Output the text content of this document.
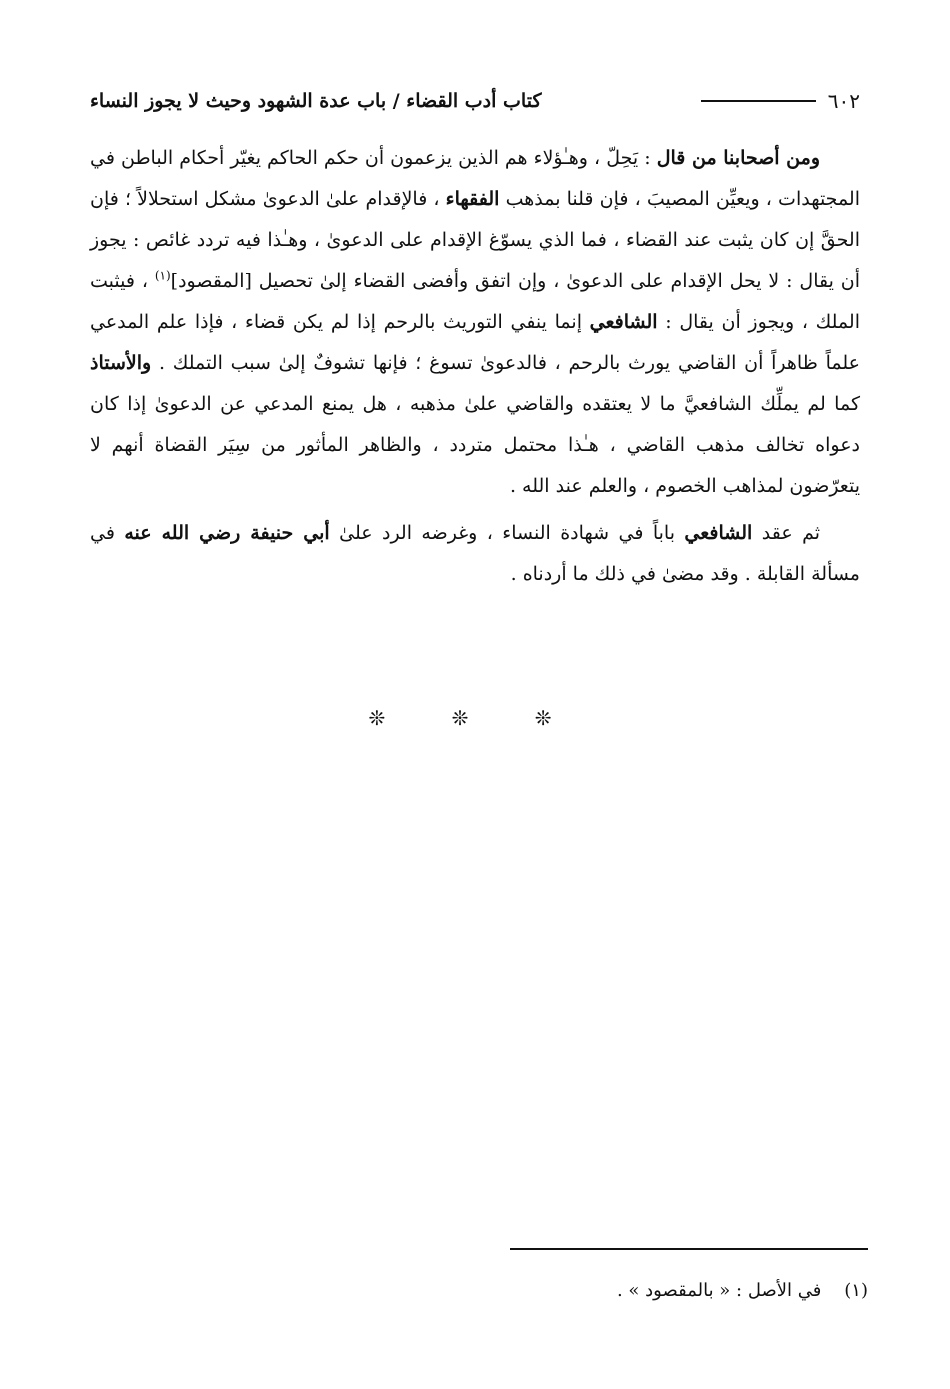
٦٠٢
كتاب أدب القضاء / باب عدة الشهود وحيث لا يجوز النساء

ومن أصحابنا من قال : يَحِلّ ، وهـٰؤلاء هم الذين يزعمون أن حكم الحاكم يغيّر أحكام الباطن في المجتهدات ، ويعيِّن المصيبَ ، فإن قلنا بمذهب الفقهاء ، فالإقدام علىٰ الدعوىٰ مشكل استحلالاً ؛ فإن الحقَّ إن كان يثبت عند القضاء ، فما الذي يسوّغ الإقدام على الدعوىٰ ، وهـٰذا فيه تردد غائص : يجوز أن يقال : لا يحل الإقدام على الدعوىٰ ، وإن اتفق وأفضى القضاء إلىٰ تحصيل [المقصود]$^{(١)}$ ، فيثبت الملك ، ويجوز أن يقال : الشافعي إنما ينفي التوريث بالرحم إذا لم يكن قضاء ، فإذا علم المدعي علماً ظاهراً أن القاضي يورث بالرحم ، فالدعوىٰ تسوغ ؛ فإنها تشوفٌ إلىٰ سبب التملك . والأستاذ كما لم يملِّك الشافعيَّ ما لا يعتقده والقاضي علىٰ مذهبه ، هل يمنع المدعي عن الدعوىٰ إذا كان دعواه تخالف مذهب القاضي ، هـٰذا محتمل متردد ، والظاهر المأثور من سِيَر القضاة أنهم لا يتعرّضون لمذاهب الخصوم ، والعلم عند الله .

ثم عقد الشافعي باباً في شهادة النساء ، وغرضه الرد علىٰ أبي حنيفة رضي الله عنه في مسألة القابلة . وقد مضىٰ في ذلك ما أردناه .

❊ ❊ ❊
(١)    في الأصل : « بالمقصود » .
